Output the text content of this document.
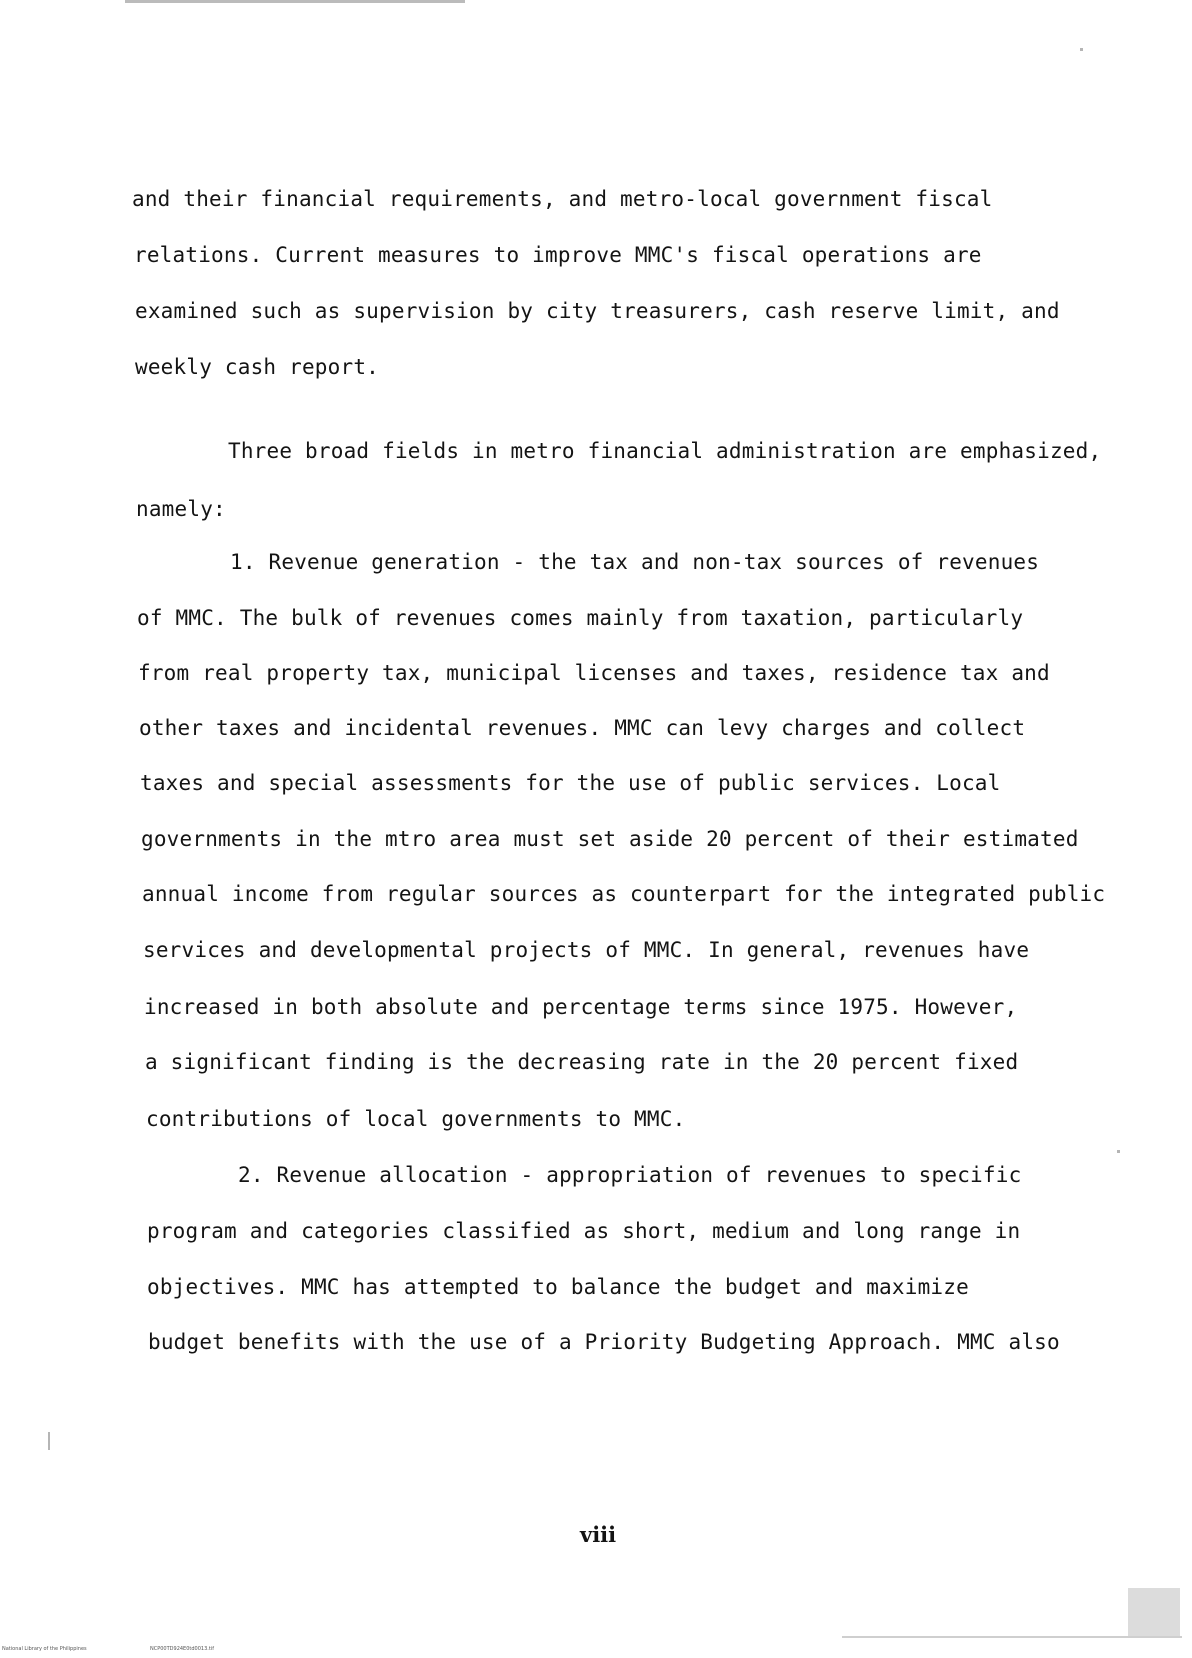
and their financial requirements, and metro-local government fiscal
relations. Current measures to improve MMC's fiscal operations are
examined such as supervision by city treasurers, cash reserve limit, and
weekly cash report.
Three broad fields in metro financial administration are emphasized,
namely:
1. Revenue generation - the tax and non-tax sources of revenues
of MMC. The bulk of revenues comes mainly from taxation, particularly
from real property tax, municipal licenses and taxes, residence tax and
other taxes and incidental revenues. MMC can levy charges and collect
taxes and special assessments for the use of public services. Local
governments in the mtro area must set aside 20 percent of their estimated
annual income from regular sources as counterpart for the integrated public
services and developmental projects of MMC. In general, revenues have
increased in both absolute and percentage terms since 1975. However,
a significant finding is the decreasing rate in the 20 percent fixed
contributions of local governments to MMC.
2. Revenue allocation - appropriation of revenues to specific
program and categories classified as short, medium and long range in
objectives. MMC has attempted to balance the budget and maximize
budget benefits with the use of a Priority Budgeting Approach. MMC also
viii
National Library of the Philippines	NCP00TD924E0td0013.tif
